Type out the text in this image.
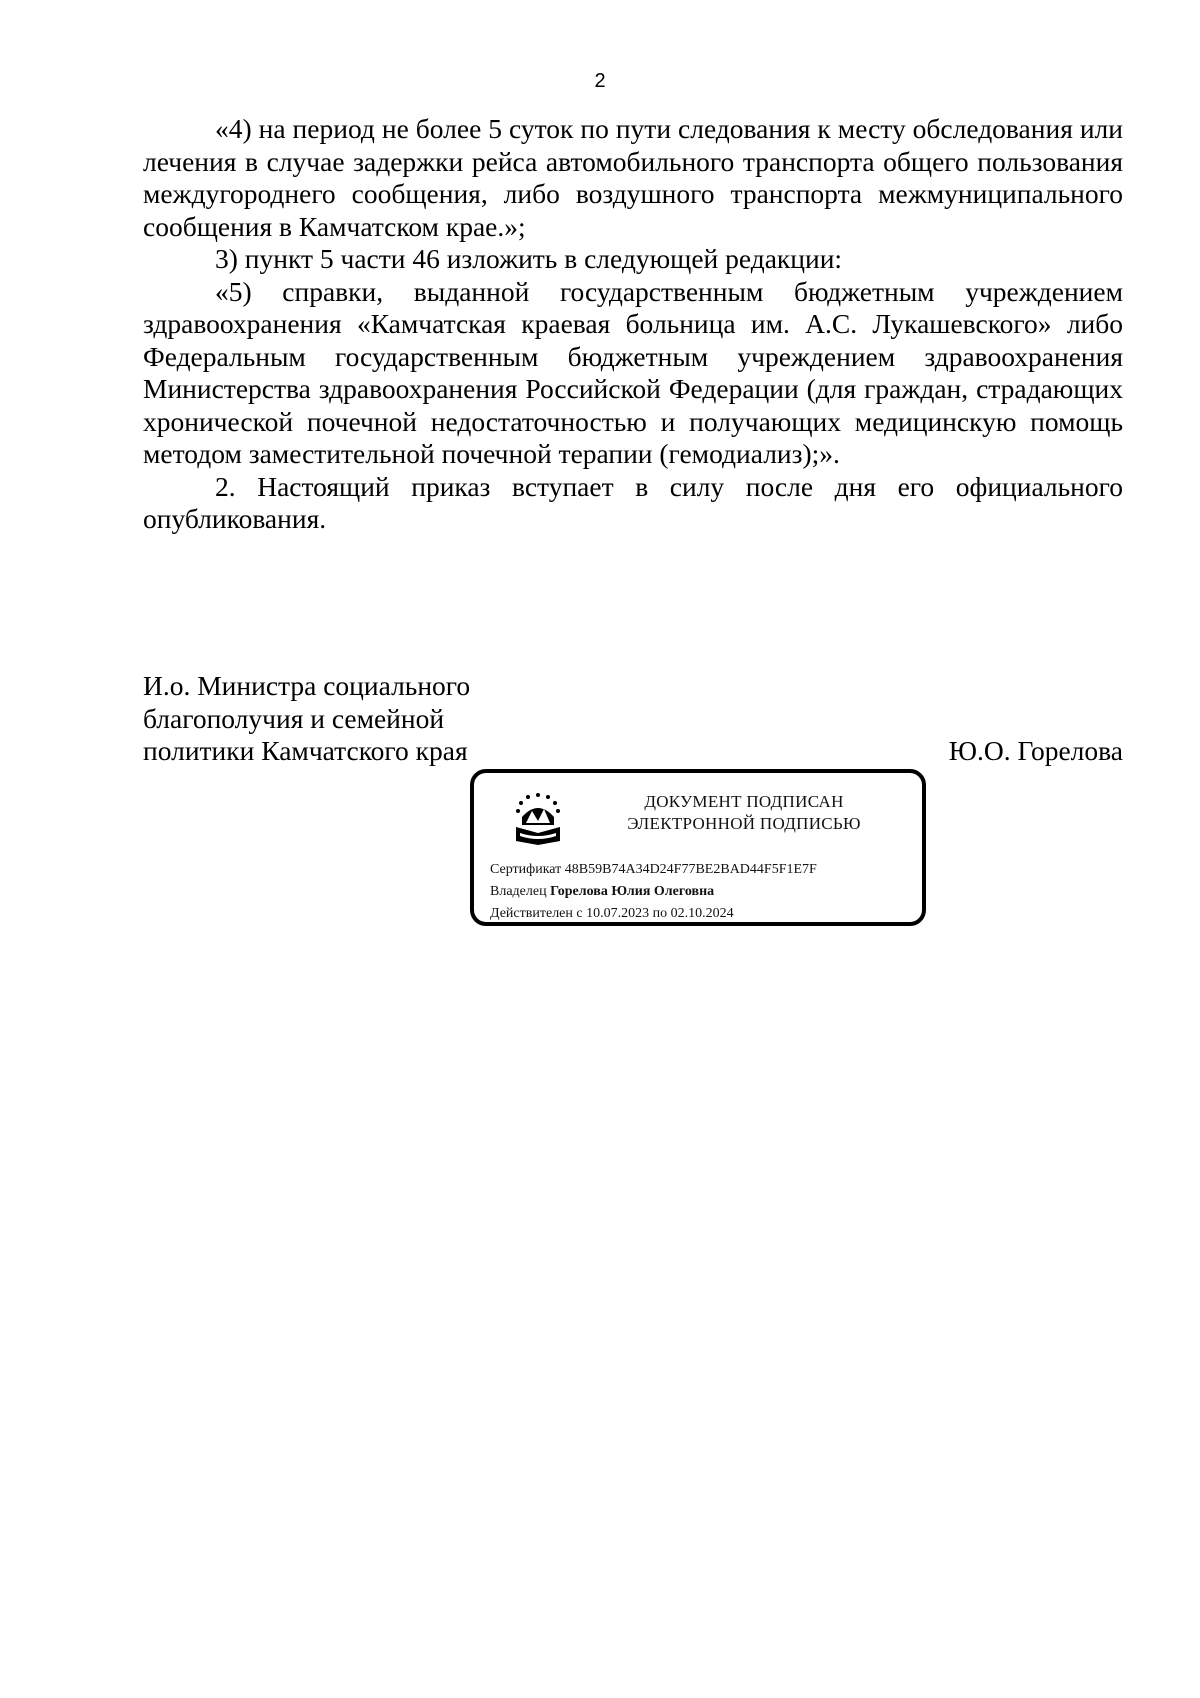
2

«4) на период не более 5 суток по пути следования к месту обследования или лечения в случае задержки рейса автомобильного транспорта общего пользования междугороднего сообщения, либо воздушного транспорта межмуниципального сообщения в Камчатском крае.»;

3) пункт 5 части 46 изложить в следующей редакции:

«5) справки, выданной государственным бюджетным учреждением здравоохранения «Камчатская краевая больница им. А.С. Лукашевского» либо Федеральным государственным бюджетным учреждением здравоохранения Министерства здравоохранения Российской Федерации (для граждан, страдающих хронической почечной недостаточностью и получающих медицинскую помощь методом заместительной почечной терапии (гемодиализ);».

2. Настоящий приказ вступает в силу после дня его официального опубликования.

И.о. Министра социального
благополучия и семейной
политики Камчатского края	Ю.О. Горелова
ДОКУМЕНТ ПОДПИСАН
ЭЛЕКТРОННОЙ ПОДПИСЬЮ
Сертификат 48B59B74A34D24F77BE2BAD44F5F1E7F
Владелец Горелова Юлия Олеговна
Действителен с 10.07.2023 по 02.10.2024
